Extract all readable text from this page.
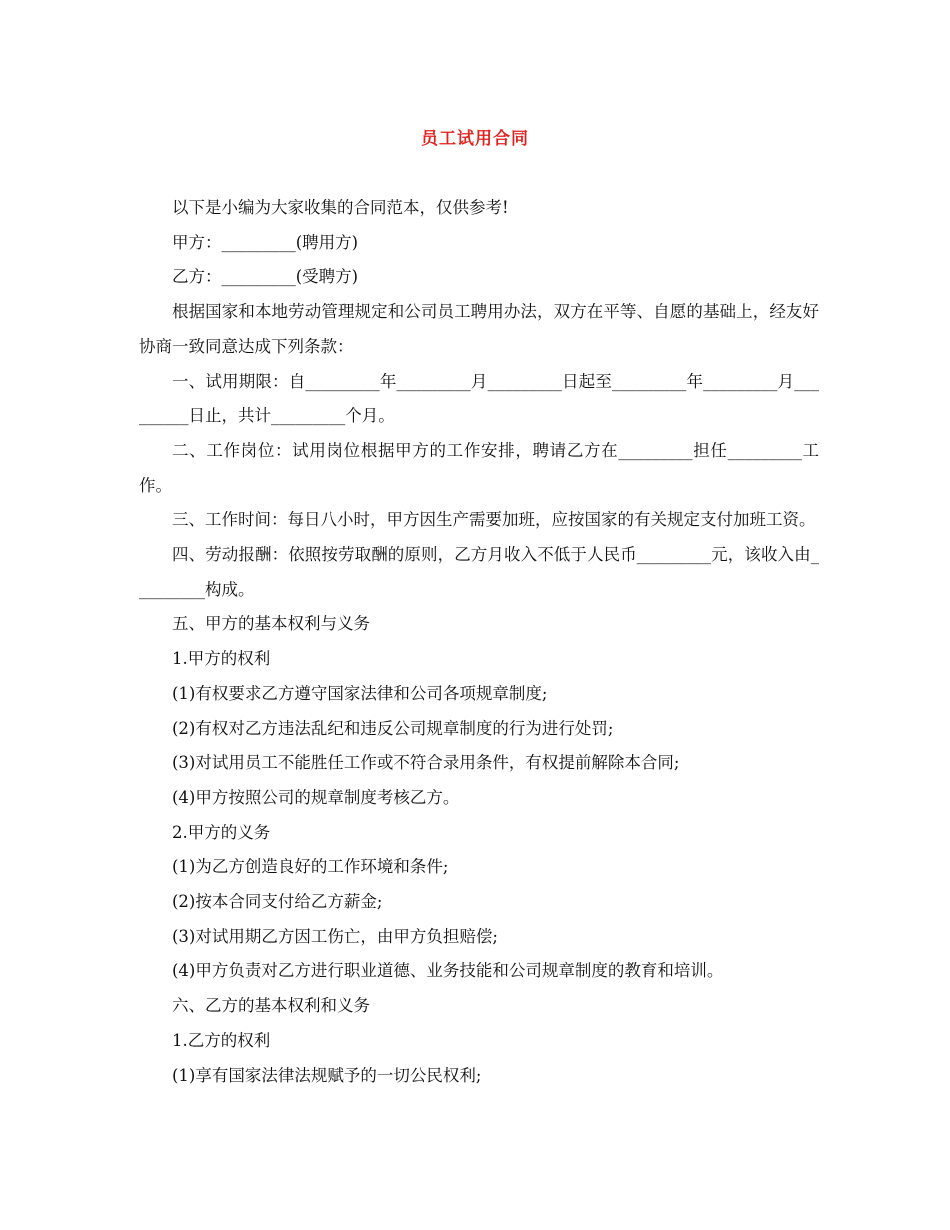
员工试用合同

以下是小编为大家收集的合同范本，仅供参考!

甲方：_________(聘用方)

乙方：_________(受聘方)

根据国家和本地劳动管理规定和公司员工聘用办法，双方在平等、自愿的基础上，经友好协商一致同意达成下列条款：

一、试用期限：自_________年_________月_________日起至_________年_________月_________日止，共计_________个月。

二、工作岗位：试用岗位根据甲方的工作安排，聘请乙方在_________担任_________工作。

三、工作时间：每日八小时，甲方因生产需要加班，应按国家的有关规定支付加班工资。

四、劳动报酬：依照按劳取酬的原则，乙方月收入不低于人民币_________元，该收入由_________构成。

五、甲方的基本权利与义务

1.甲方的权利

(1)有权要求乙方遵守国家法律和公司各项规章制度;

(2)有权对乙方违法乱纪和违反公司规章制度的行为进行处罚;

(3)对试用员工不能胜任工作或不符合录用条件，有权提前解除本合同;

(4)甲方按照公司的规章制度考核乙方。

2.甲方的义务

(1)为乙方创造良好的工作环境和条件;

(2)按本合同支付给乙方薪金;

(3)对试用期乙方因工伤亡，由甲方负担赔偿;

(4)甲方负责对乙方进行职业道德、业务技能和公司规章制度的教育和培训。

六、乙方的基本权利和义务

1.乙方的权利

(1)享有国家法律法规赋予的一切公民权利;
